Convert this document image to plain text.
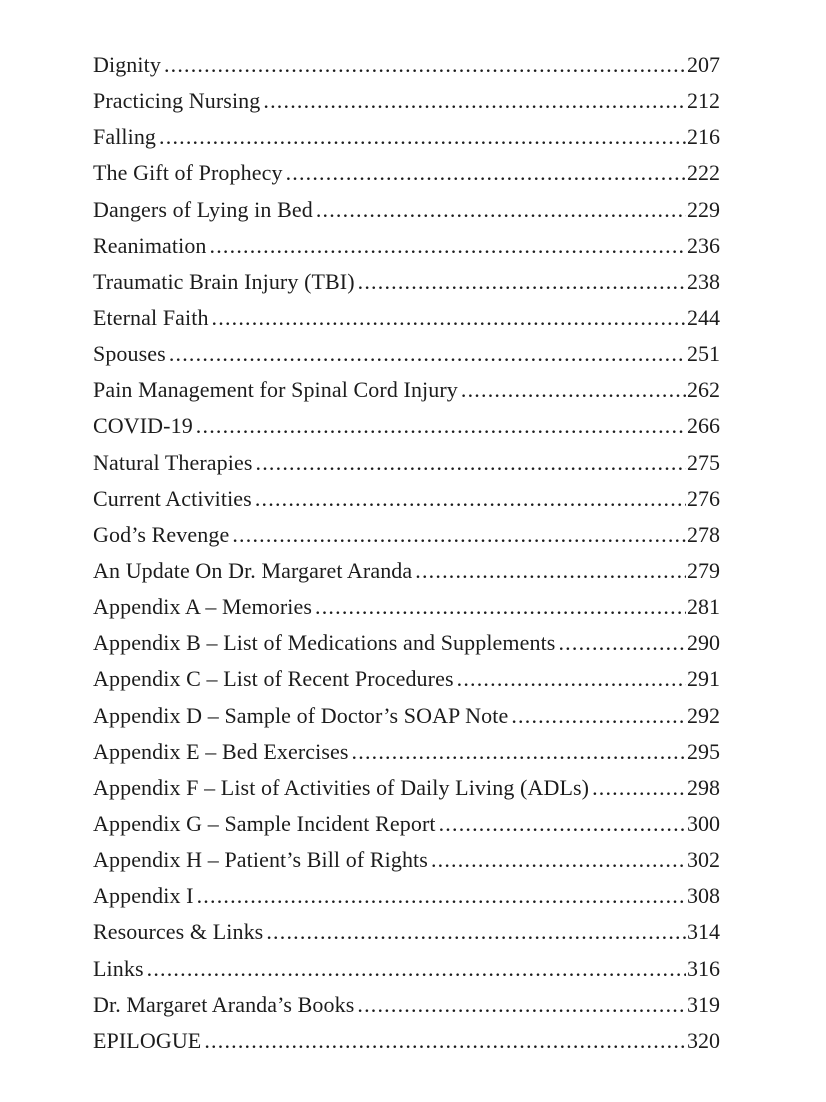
Dignity .....	207
Practicing Nursing .....	212
Falling .....	216
The Gift of Prophecy .....	222
Dangers of Lying in Bed .....	229
Reanimation .....	236
Traumatic Brain Injury (TBI) .....	238
Eternal Faith .....	244
Spouses .....	251
Pain Management for Spinal Cord Injury .....	262
COVID-19 .....	266
Natural Therapies .....	275
Current Activities .....	276
God’s Revenge .....	278
An Update On Dr. Margaret Aranda .....	279
Appendix A – Memories .....	281
Appendix B – List of Medications and Supplements .....	290
Appendix C – List of Recent Procedures .....	291
Appendix D – Sample of Doctor’s SOAP Note .....	292
Appendix E – Bed Exercises .....	295
Appendix F – List of Activities of Daily Living (ADLs) .....	298
Appendix G – Sample Incident Report .....	300
Appendix H – Patient’s Bill of Rights .....	302
Appendix I .....	308
Resources & Links .....	314
Links .....	316
Dr. Margaret Aranda’s Books .....	319
EPILOGUE .....	320
